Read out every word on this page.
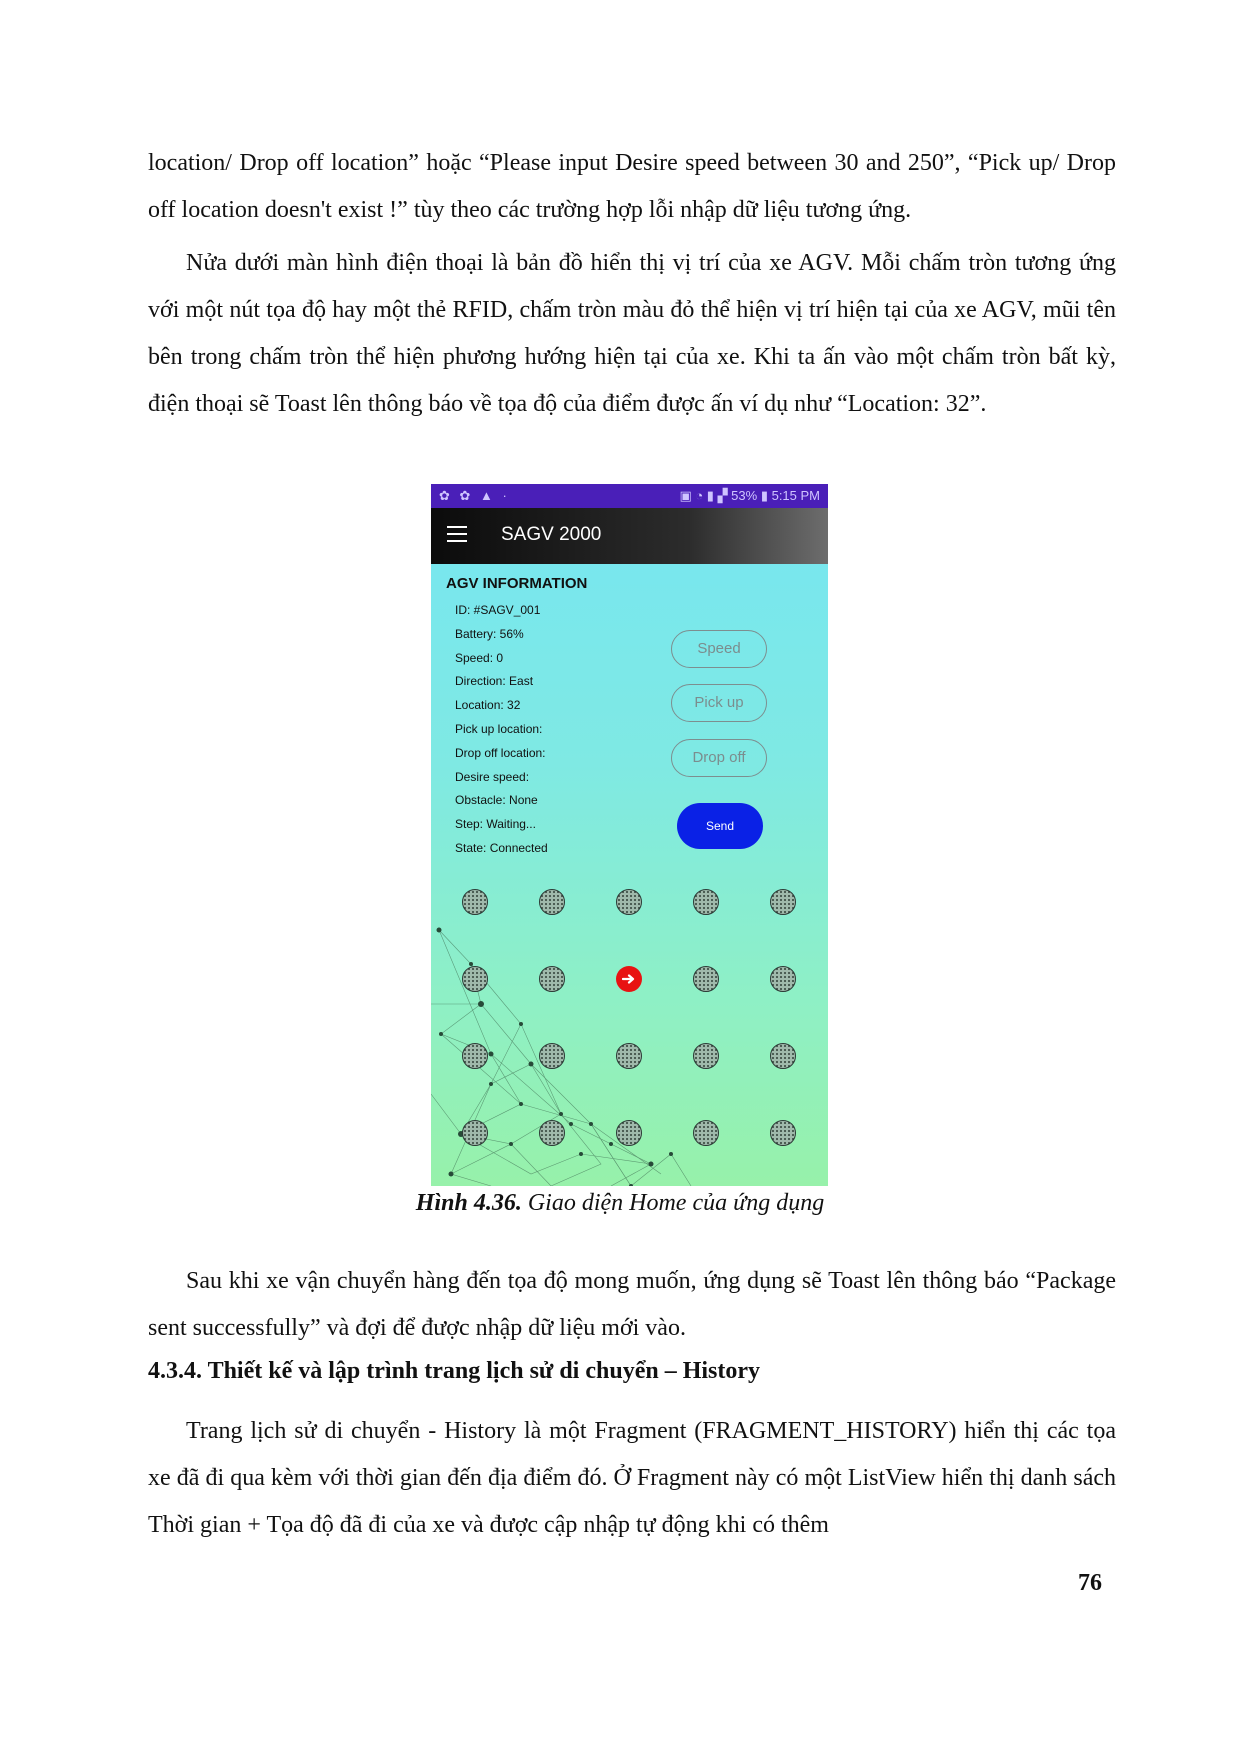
location/ Drop off location” hoặc “Please input Desire speed between 30 and 250”, “Pick up/ Drop off location doesn't exist !” tùy theo các trường hợp lỗi nhập dữ liệu tương ứng.

Nửa dưới màn hình điện thoại là bản đồ hiển thị vị trí của xe AGV. Mỗi chấm tròn tương ứng với một nút tọa độ hay một thẻ RFID, chấm tròn màu đỏ thể hiện vị trí hiện tại của xe AGV, mũi tên bên trong chấm tròn thể hiện phương hướng hiện tại của xe. Khi ta ấn vào một chấm tròn bất kỳ, điện thoại sẽ Toast lên thông báo về tọa độ của điểm được ấn ví dụ như “Location: 32”.

✿ ✿ ▲ ·	▣ ◔ ▮ ▞ 53% ▮ 5:15 PM
SAGV 2000
AGV INFORMATION
ID: #SAGV_001
Battery: 56%
Speed: 0
Direction: East
Location: 32
Pick up location:
Drop off location:
Desire speed:
Obstacle: None
Step: Waiting...
State: Connected
Speed
Pick up
Drop off
Send
Hình 4.36. Giao diện Home của ứng dụng

Sau khi xe vận chuyển hàng đến tọa độ mong muốn, ứng dụng sẽ Toast lên thông báo “Package sent successfully” và đợi để được nhập dữ liệu mới vào.

4.3.4. Thiết kế và lập trình trang lịch sử di chuyển – History

Trang lịch sử di chuyển - History là một Fragment (FRAGMENT_HISTORY) hiển thị các tọa xe đã đi qua kèm với thời gian đến địa điểm đó. Ở Fragment này có một ListView hiển thị danh sách Thời gian + Tọa độ đã đi của xe và được cập nhập tự động khi có thêm

76
